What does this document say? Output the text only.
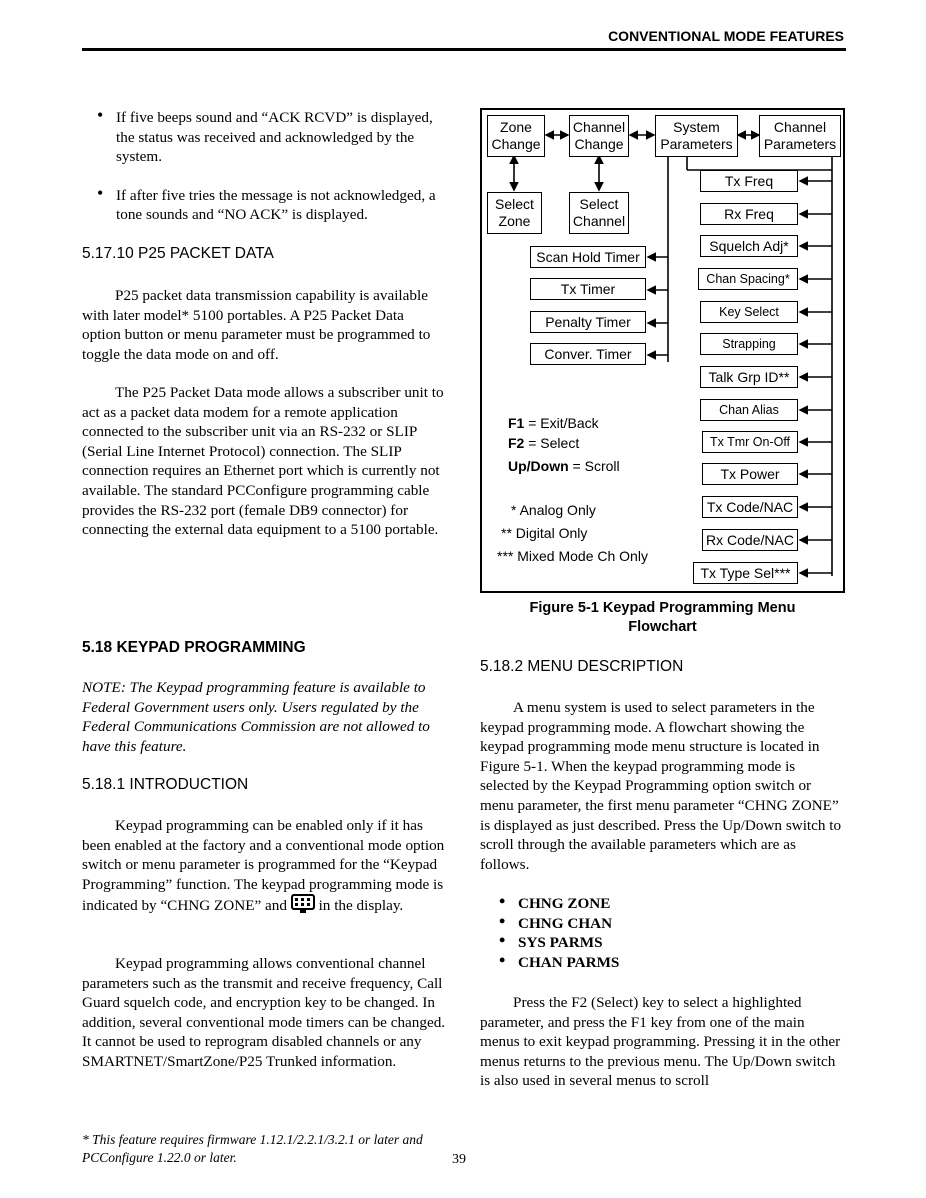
CONVENTIONAL MODE FEATURES
• If five beeps sound and “ACK RCVD” is displayed, the status was received and acknowledged by the system.
• If after five tries the message is not acknowledged, a tone sounds and “NO ACK” is displayed.
5.17.10 P25 PACKET DATA

P25 packet data transmission capability is available with later model* 5100 portables. A P25 Packet Data option button or menu parameter must be programmed to toggle the data mode on and off.

The P25 Packet Data mode allows a subscriber unit to act as a packet data modem for a remote application connected to the subscriber unit via an RS-232 or SLIP (Serial Line Internet Protocol) connection. The SLIP connection requires an Ethernet port which is currently not available. The standard PCConfigure programming cable provides the RS-232 port (female DB9 connector) for connecting the external data equipment to a 5100 portable.

5.18 KEYPAD PROGRAMMING

NOTE: The Keypad programming feature is available to Federal Government users only. Users regulated by the Federal Communications Commission are not allowed to have this feature.

5.18.1 INTRODUCTION

Keypad programming can be enabled only if it has been enabled at the factory and a conventional mode option switch or menu parameter is programmed for the “Keypad Programming” function. The keypad programming mode is indicated by “CHNG ZONE” and in the display.

Keypad programming allows conventional channel parameters such as the transmit and receive frequency, Call Guard squelch code, and encryption key to be changed. In addition, several conventional mode timers can be changed. It cannot be used to reprogram disabled channels or any SMARTNET/SmartZone/P25 Trunked information.

Zone Change
Channel Change
System Parameters
Channel Parameters
Select Zone
Select Channel
Scan Hold Timer
Tx Timer
Penalty Timer
Conver. Timer
Tx Freq
Rx Freq
Squelch Adj*
Chan Spacing*
Key Select
Strapping
Talk Grp ID**
Chan Alias
Tx Tmr On-Off
Tx Power
Tx Code/NAC
Rx Code/NAC
Tx Type Sel***
F1 = Exit/Back
F2 = Select
Up/Down = Scroll
* Analog Only
** Digital Only
*** Mixed Mode Ch Only
Figure 5-1 Keypad Programming Menu
Flowchart
5.18.2 MENU DESCRIPTION

A menu system is used to select parameters in the keypad programming mode. A flowchart showing the keypad programming mode menu structure is located in Figure 5-1. When the keypad programming mode is selected by the Keypad Programming option switch or menu parameter, the first menu parameter “CHNG ZONE” is displayed as just described. Press the Up/Down switch to scroll through the available parameters which are as follows.

• CHNG ZONE
• CHNG CHAN
• SYS PARMS
• CHAN PARMS

Press the F2 (Select) key to select a highlighted parameter, and press the F1 key from one of the main menus to exit keypad programming. Pressing it in the other menus returns to the previous menu. The Up/Down switch is also used in several menus to scroll

* This feature requires firmware 1.12.1/2.2.1/3.2.1 or later and PCConfigure 1.22.0 or later.	39
